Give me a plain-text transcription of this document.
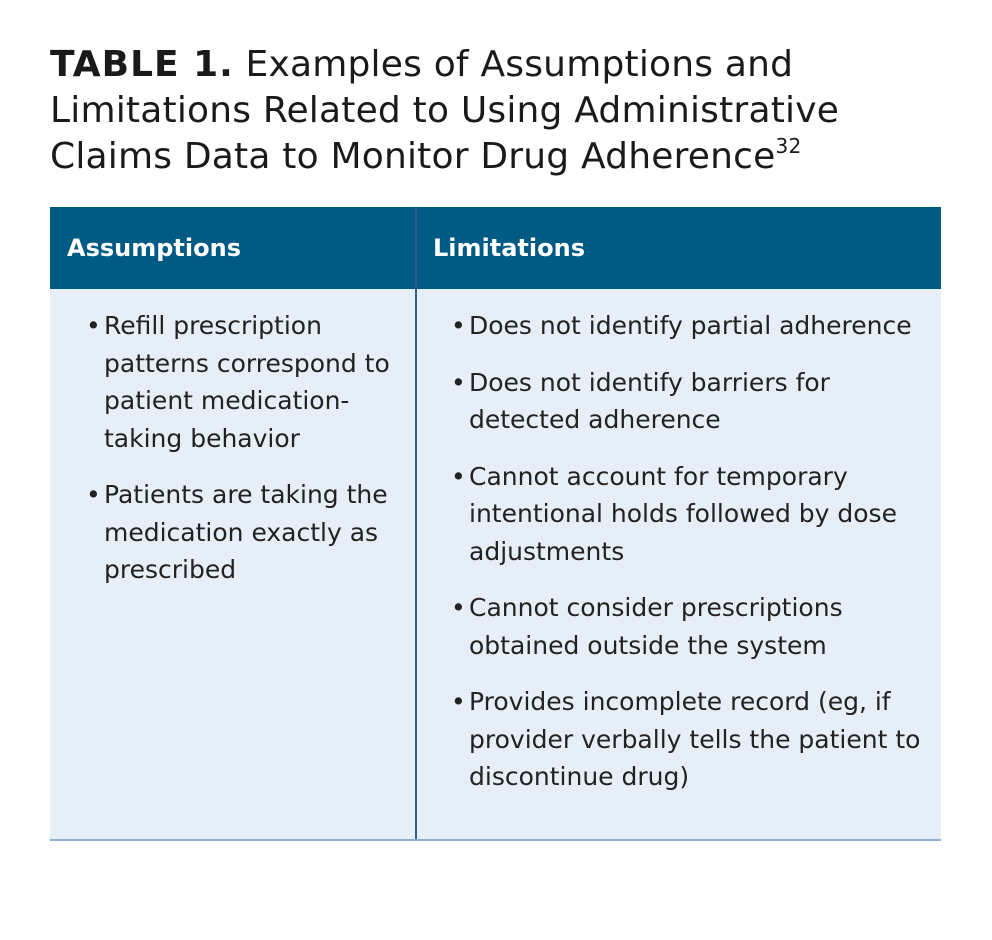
TABLE 1. Examples of Assumptions and Limitations Related to Using Administrative Claims Data to Monitor Drug Adherence$^{32}$
Assumptions	Limitations
• Refill prescription patterns correspond to patient medication-taking behavior
• Patients are taking the medication exactly as prescribed
• Does not identify partial adherence
• Does not identify barriers for detected adherence
• Cannot account for temporary intentional holds followed by dose adjustments
• Cannot consider prescriptions obtained outside the system
• Provides incomplete record (eg, if provider verbally tells the patient to discontinue drug)
